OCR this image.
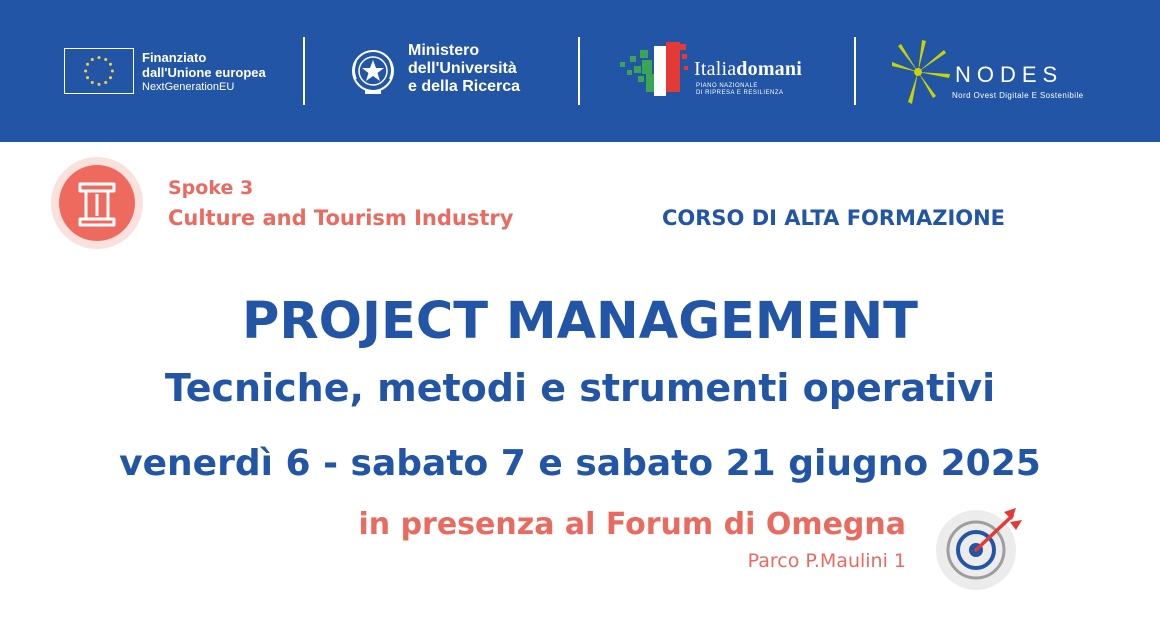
Finanziato
dall'Unione europea
NextGenerationEU
Ministero
dell'Università
e della Ricerca
Italiadomani
PIANO NAZIONALE
DI RIPRESA E RESILIENZA
NODES
Nord Ovest Digitale E Sostenibile
Spoke 3
Culture and Tourism Industry	CORSO DI ALTA FORMAZIONE
PROJECT MANAGEMENT
Tecniche, metodi e strumenti operativi
venerdì 6 - sabato 7 e sabato 21 giugno 2025
in presenza al Forum di Omegna
Parco P.Maulini 1
